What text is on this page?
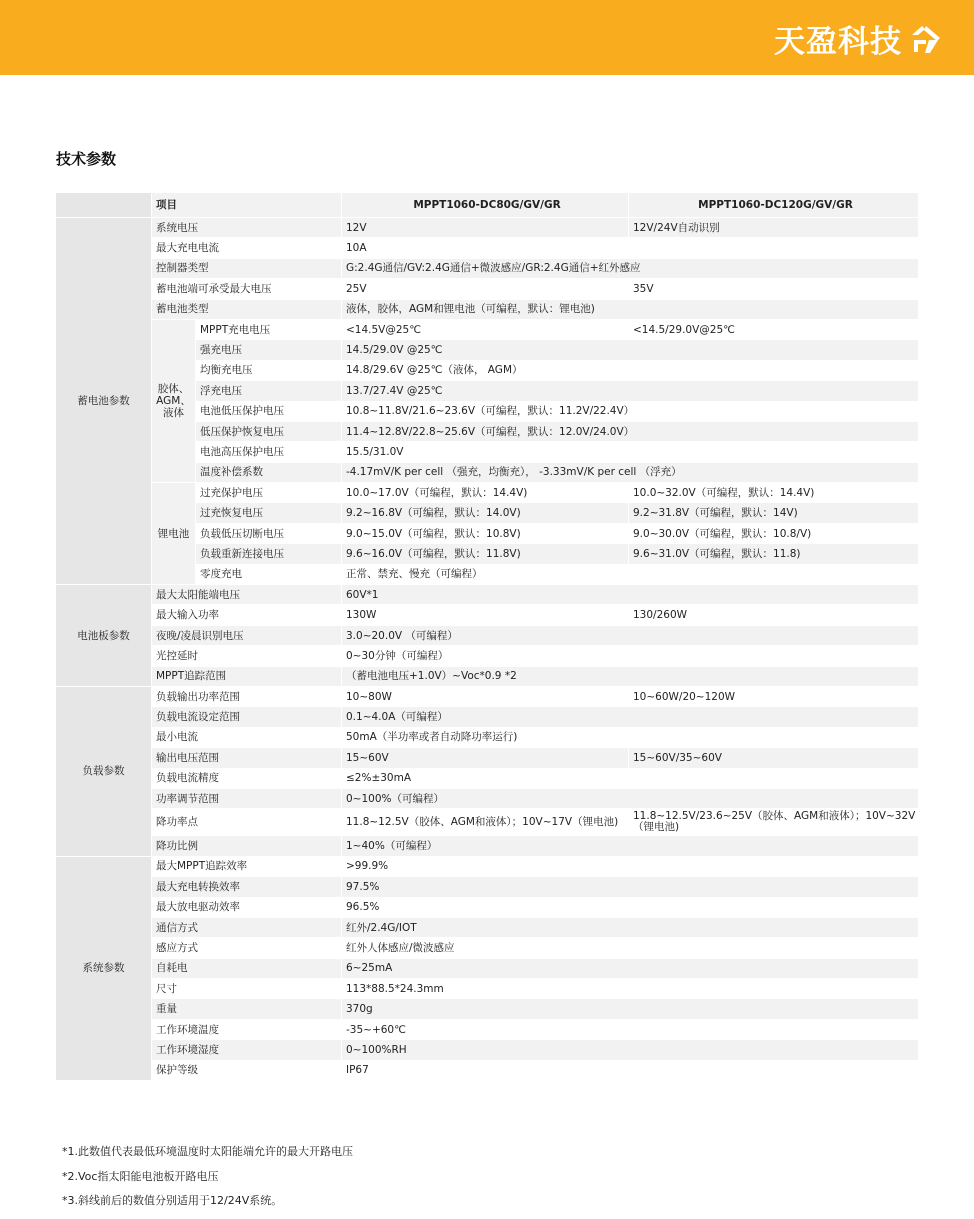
天盈科技
技术参数
	项目		MPPT1060-DC80G/GV/GR	MPPT1060-DC120G/GV/GR
蓄电池参数	系统电压		12V	12V/24V自动识别
	最大充电电流		10A	
	控制器类型		G:2.4G通信/GV:2.4G通信+微波感应/GR:2.4G通信+红外感应	
	蓄电池端可承受最大电压		25V	35V
	蓄电池类型		液体，胶体，AGM和锂电池（可编程，默认：锂电池)	
	胶体、AGM、液体	MPPT充电电压	<14.5V@25℃	<14.5/29.0V@25℃
		强充电压	14.5/29.0V @25℃	
		均衡充电压	14.8/29.6V @25℃（液体， AGM）	
		浮充电压	13.7/27.4V @25℃	
		电池低压保护电压	10.8~11.8V/21.6~23.6V（可编程，默认：11.2V/22.4V）	
		低压保护恢复电压	11.4~12.8V/22.8~25.6V（可编程，默认：12.0V/24.0V）	
		电池高压保护电压	15.5/31.0V	
		温度补偿系数	-4.17mV/K per cell （强充，均衡充）， -3.33mV/K per cell （浮充）	
	锂电池	过充保护电压	10.0~17.0V（可编程，默认：14.4V)	10.0~32.0V（可编程，默认：14.4V)
		过充恢复电压	9.2~16.8V（可编程，默认：14.0V)	9.2~31.8V（可编程，默认：14V)
		负载低压切断电压	9.0~15.0V（可编程，默认：10.8V)	9.0~30.0V（可编程，默认：10.8/V)
		负载重新连接电压	9.6~16.0V（可编程，默认：11.8V)	9.6~31.0V（可编程，默认：11.8)
		零度充电	正常、禁充、慢充（可编程）	
电池板参数	最大太阳能端电压		60V*1	
	最大输入功率		130W	130/260W
	夜晚/凌晨识别电压		3.0~20.0V （可编程）	
	光控延时		0~30分钟（可编程）	
	MPPT追踪范围		（蓄电池电压+1.0V）~Voc*0.9 *2	
负载参数	负载输出功率范围		10~80W	10~60W/20~120W
	负载电流设定范围		0.1~4.0A（可编程）	
	最小电流		50mA（半功率或者自动降功率运行)	
	输出电压范围		15~60V	15~60V/35~60V
	负载电流精度		≤2%±30mA	
	功率调节范围		0~100%（可编程）	
	降功率点		11.8~12.5V（胶体、AGM和液体）；10V~17V（锂电池)	11.8~12.5V/23.6~25V（胶体、AGM和液体）；10V~32V（锂电池)
	降功比例		1~40%（可编程）	
系统参数	最大MPPT追踪效率		>99.9%	
	最大充电转换效率		97.5%	
	最大放电驱动效率		96.5%	
	通信方式		红外/2.4G/IOT	
	感应方式		红外人体感应/微波感应	
	自耗电		6~25mA	
	尺寸		113*88.5*24.3mm	
	重量		370g	
	工作环境温度		-35~+60℃	
	工作环境湿度		0~100%RH	
	保护等级		IP67	
*1.此数值代表最低环境温度时太阳能端允许的最大开路电压
*2.Voc指太阳能电池板开路电压
*3.斜线前后的数值分别适用于12/24V系统。
